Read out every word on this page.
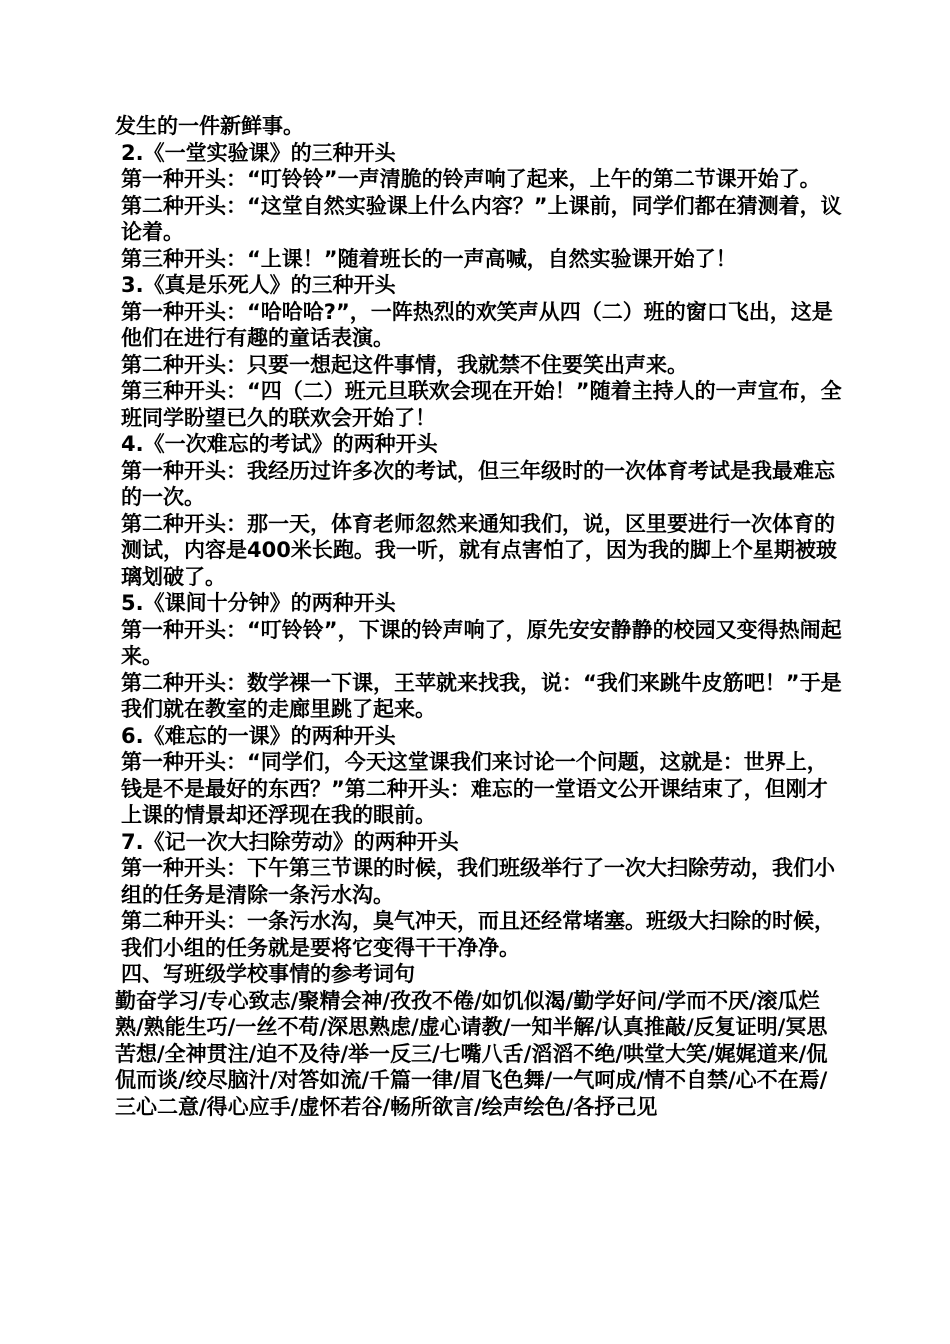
发生的一件新鲜事。
2.《一堂实验课》的三种开头
第一种开头：“叮铃铃”一声清脆的铃声响了起来，上午的第二节课开始了。
第二种开头：“这堂自然实验课上什么内容？”上课前，同学们都在猜测着，议论着。
第三种开头：“上课！”随着班长的一声高喊，自然实验课开始了！
3.《真是乐死人》的三种开头
第一种开头：“哈哈哈?”，一阵热烈的欢笑声从四（二）班的窗口飞出，这是他们在进行有趣的童话表演。
第二种开头：只要一想起这件事情，我就禁不住要笑出声来。
第三种开头：“四（二）班元旦联欢会现在开始！”随着主持人的一声宣布，全班同学盼望已久的联欢会开始了！
4.《一次难忘的考试》的两种开头
第一种开头：我经历过许多次的考试，但三年级时的一次体育考试是我最难忘的一次。
第二种开头：那一天，体育老师忽然来通知我们，说，区里要进行一次体育的测试，内容是400米长跑。我一听，就有点害怕了，因为我的脚上个星期被玻璃划破了。
5.《课间十分钟》的两种开头
第一种开头：“叮铃铃”，下课的铃声响了，原先安安静静的校园又变得热闹起来。
第二种开头：数学裸一下课，王苹就来找我，说：“我们来跳牛皮筋吧！”于是我们就在教室的走廊里跳了起来。
6.《难忘的一课》的两种开头
第一种开头：“同学们，今天这堂课我们来讨论一个问题，这就是：世界上，钱是不是最好的东西？”第二种开头：难忘的一堂语文公开课结束了，但刚才上课的情景却还浮现在我的眼前。
7.《记一次大扫除劳动》的两种开头
第一种开头：下午第三节课的时候，我们班级举行了一次大扫除劳动，我们小组的任务是清除一条污水沟。
第二种开头：一条污水沟，臭气冲天，而且还经常堵塞。班级大扫除的时候，我们小组的任务就是要将它变得干干净净。
四、写班级学校事情的参考词句
勤奋学习/专心致志/聚精会神/孜孜不倦/如饥似渴/勤学好问/学而不厌/滚瓜烂熟/熟能生巧/一丝不苟/深思熟虑/虚心请教/一知半解/认真推敲/反复证明/冥思苦想/全神贯注/迫不及待/举一反三/七嘴八舌/滔滔不绝/哄堂大笑/娓娓道来/侃侃而谈/绞尽脑汁/对答如流/千篇一律/眉飞色舞/一气呵成/情不自禁/心不在焉/三心二意/得心应手/虚怀若谷/畅所欲言/绘声绘色/各抒己见
